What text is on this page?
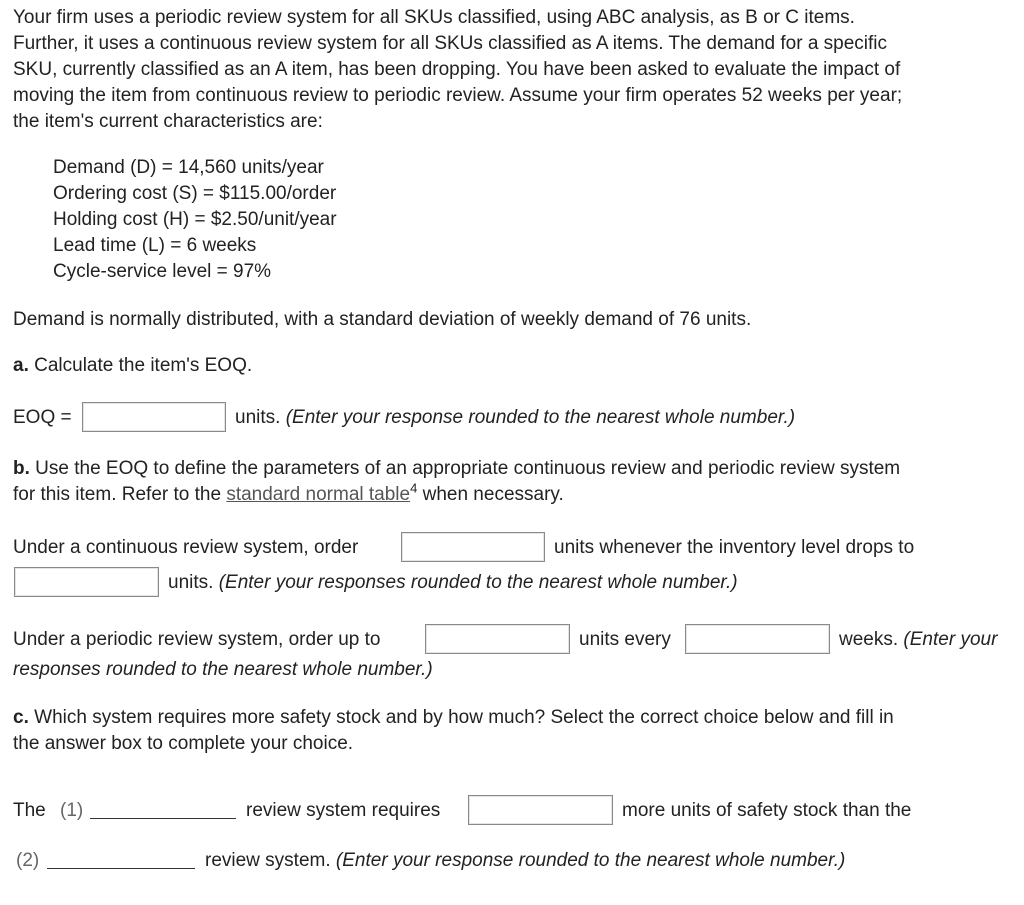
Your firm uses a periodic review system for all SKUs classified, using ABC analysis, as B or C items.
Further, it uses a continuous review system for all SKUs classified as A items. The demand for a specific
SKU, currently classified as an A item, has been dropping. You have been asked to evaluate the impact of
moving the item from continuous review to periodic review. Assume your firm operates 52 weeks per year;
the item's current characteristics are:
Demand (D) = 14,560 units/year
Ordering cost (S) = $115.00/order
Holding cost (H) = $2.50/unit/year
Lead time (L) = 6 weeks
Cycle-service level = 97%
Demand is normally distributed, with a standard deviation of weekly demand of 76 units.
a. Calculate the item's EOQ.
EOQ =	units. (Enter your response rounded to the nearest whole number.)
b. Use the EOQ to define the parameters of an appropriate continuous review and periodic review system
for this item. Refer to the standard normal table$^4$ when necessary.
Under a continuous review system, order	units whenever the inventory level drops to
units. (Enter your responses rounded to the nearest whole number.)
Under a periodic review system, order up to	units every	weeks. (Enter your
responses rounded to the nearest whole number.)
c. Which system requires more safety stock and by how much? Select the correct choice below and fill in
the answer box to complete your choice.
The (1)	review system requires	more units of safety stock than the
(2)	review system. (Enter your response rounded to the nearest whole number.)
